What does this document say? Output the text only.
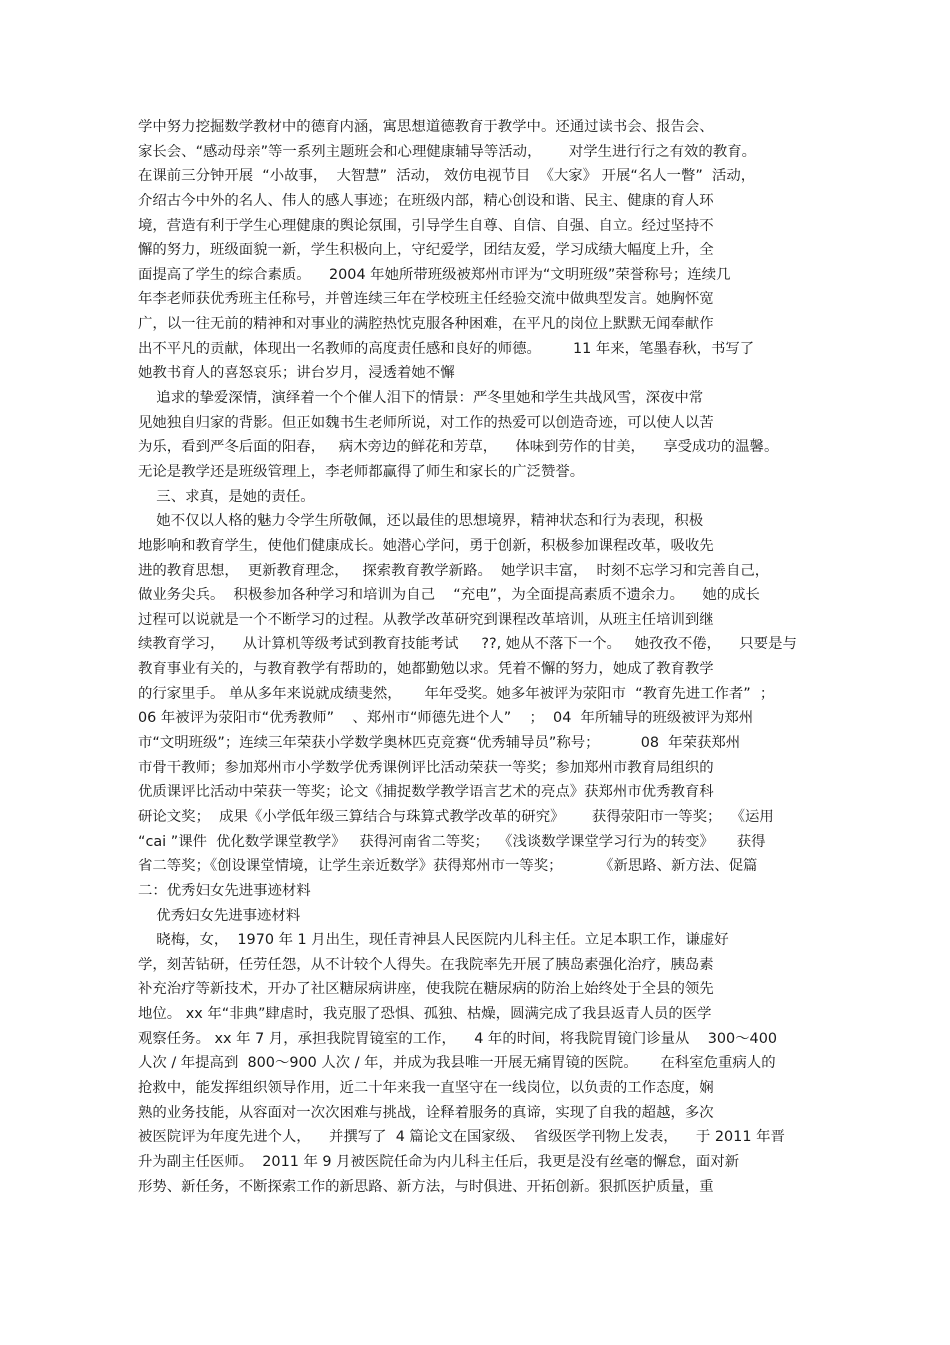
学中努力挖掘数学教材中的德育内涵，寓思想道德教育于教学中。还通过读书会、报告会、
家长会、“感动母亲”等一系列主题班会和心理健康辅导等活动，      对学生进行行之有效的教育。
在课前三分钟开展  “小故事，  大智慧”  活动， 效仿电视节目  《大家》 开展“名人一瞥”  活动，
介绍古今中外的名人、伟人的感人事迹；在班级内部，精心创设和谐、民主、健康的育人环
境，营造有利于学生心理健康的舆论氛围，引导学生自尊、自信、自强、自立。经过坚持不
懈的努力，班级面貌一新，学生积极向上，守纪爱学，团结友爱，学习成绩大幅度上升，全
面提高了学生的综合素质。    2004 年她所带班级被郑州市评为“文明班级”荣誉称号；连续几
年李老师获优秀班主任称号，并曾连续三年在学校班主任经验交流中做典型发言。她胸怀宽
广，以一往无前的精神和对事业的满腔热忱克服各种困难，在平凡的岗位上默默无闻奉献作
出不平凡的贡献，体现出一名教师的高度责任感和良好的师德。       11 年来，笔墨春秋，书写了
她教书育人的喜怒哀乐；讲台岁月，浸透着她不懈
追求的挚爱深情，演绎着一个个催人泪下的情景：严冬里她和学生共战风雪，深夜中常
见她独自归家的背影。但正如魏书生老师所说，对工作的热爱可以创造奇迹，可以使人以苦
为乐，看到严冬后面的阳春，   病木旁边的鲜花和芳草，    体味到劳作的甘美，    享受成功的温馨。
无论是教学还是班级管理上，李老师都赢得了师生和家长的广泛赞誉。
三、求真，是她的责任。
她不仅以人格的魅力令学生所敬佩，还以最佳的思想境界，精神状态和行为表现，积极
地影响和教育学生，使他们健康成长。她潜心学问，勇于创新，积极参加课程改革，吸收先
进的教育思想，  更新教育理念，   探索教育教学新路。  她学识丰富，  时刻不忘学习和完善自己，
做业务尖兵。  积极参加各种学习和培训为自己    “充电”，为全面提高素质不遗余力。    她的成长
过程可以说就是一个不断学习的过程。从教学改革研究到课程改革培训，从班主任培训到继
续教育学习，    从计算机等级考试到教育技能考试     ??, 她从不落下一个。   她孜孜不倦，    只要是与
教育事业有关的，与教育教学有帮助的，她都勤勉以求。凭着不懈的努力，她成了教育教学
的行家里手。 单从多年来说就成绩斐然，     年年受奖。她多年被评为荥阳市  “教育先进工作者”  ；
06 年被评为荥阳市“优秀教师”    、郑州市“师德先进个人”    ；  04  年所辅导的班级被评为郑州
市“文明班级”；连续三年荣获小学数学奥林匹克竞赛“优秀辅导员”称号；         08  年荣获郑州
市骨干教师；参加郑州市小学数学优秀课例评比活动荣获一等奖；参加郑州市教育局组织的
优质课评比活动中荣获一等奖；论文《捕捉数学教学语言艺术的亮点》获郑州市优秀教育科
研论文奖；  成果《小学低年级三算结合与珠算式教学改革的研究》      获得荥阳市一等奖；  《运用
“cai ”课件  优化数学课堂教学》   获得河南省二等奖；  《浅谈数学课堂学习行为的转变》     获得
省二等奖；《创设课堂情境，让学生亲近数学》获得郑州市一等奖；        《新思路、新方法、促篇
二：优秀妇女先进事迹材料
优秀妇女先进事迹材料
晓梅，女，  1970 年 1 月出生，现任青神县人民医院内儿科主任。立足本职工作，谦虚好
学，刻苦钻研，任劳任怨，从不计较个人得失。在我院率先开展了胰岛素强化治疗，胰岛素
补充治疗等新技术，开办了社区糖尿病讲座，使我院在糖尿病的防治上始终处于全县的领先
地位。 xx 年“非典”肆虐时，我克服了恐惧、孤独、枯燥，圆满完成了我县返青人员的医学
观察任务。 xx 年 7 月，承担我院胃镜室的工作，    4 年的时间，将我院胃镜门诊量从    300～400
人次 / 年提高到  800～900 人次 / 年，并成为我县唯一开展无痛胃镜的医院。     在科室危重病人的
抢救中，能发挥组织领导作用，近二十年来我一直坚守在一线岗位，以负责的工作态度，娴
熟的业务技能，从容面对一次次困难与挑战，诠释着服务的真谛，实现了自我的超越，多次
被医院评为年度先进个人，    并撰写了  4 篇论文在国家级、  省级医学刊物上发表，    于 2011 年晋
升为副主任医师。  2011 年 9 月被医院任命为内儿科主任后，我更是没有丝毫的懈怠，面对新
形势、新任务，不断探索工作的新思路、新方法，与时俱进、开拓创新。狠抓医护质量，重
